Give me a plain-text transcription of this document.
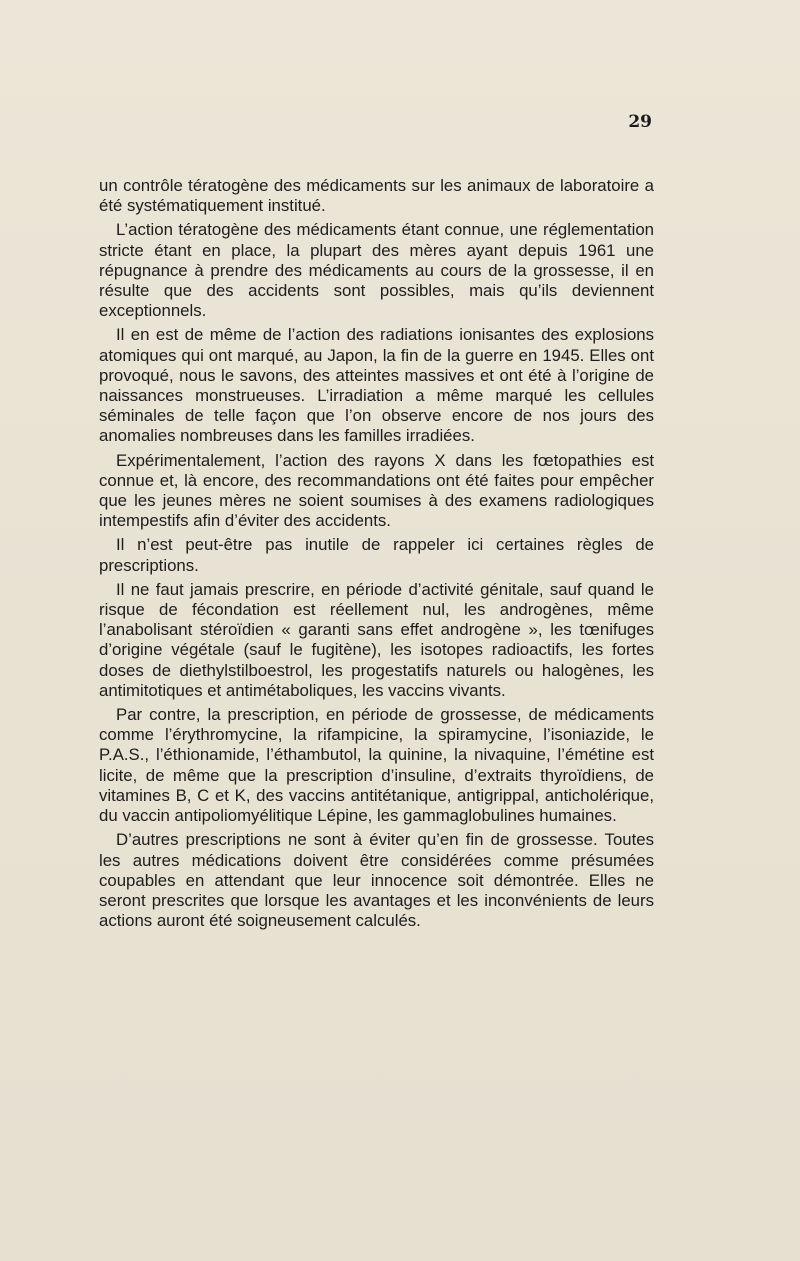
29

un contrôle tératogène des médicaments sur les animaux de laboratoire a été systématiquement institué.

L’action tératogène des médicaments étant connue, une réglementation stricte étant en place, la plupart des mères ayant depuis 1961 une répugnance à prendre des médicaments au cours de la grossesse, il en résulte que des accidents sont possibles, mais qu’ils deviennent exceptionnels.

Il en est de même de l’action des radiations ionisantes des explosions atomiques qui ont marqué, au Japon, la fin de la guerre en 1945. Elles ont provoqué, nous le savons, des atteintes massives et ont été à l’origine de naissances monstrueuses. L’irradiation a même marqué les cellules séminales de telle façon que l’on observe encore de nos jours des anomalies nombreuses dans les familles irradiées.

Expérimentalement, l’action des rayons X dans les fœtopathies est connue et, là encore, des recommandations ont été faites pour empêcher que les jeunes mères ne soient soumises à des examens radiologiques intempestifs afin d’éviter des accidents.

Il n’est peut-être pas inutile de rappeler ici certaines règles de prescriptions.

Il ne faut jamais prescrire, en période d’activité génitale, sauf quand le risque de fécondation est réellement nul, les androgènes, même l’anabolisant stéroïdien « garanti sans effet androgène », les tœnifuges d’origine végétale (sauf le fugitène), les isotopes radioactifs, les fortes doses de diethylstilboestrol, les progestatifs naturels ou halogènes, les antimitotiques et antimétaboliques, les vaccins vivants.

Par contre, la prescription, en période de grossesse, de médicaments comme l’érythromycine, la rifampicine, la spiramycine, l’isoniazide, le P.A.S., l’éthionamide, l’éthambutol, la quinine, la nivaquine, l’émétine est licite, de même que la prescription d’insuline, d’extraits thyroïdiens, de vitamines B, C et K, des vaccins antitétanique, antigrippal, anticholérique, du vaccin antipoliomyélitique Lépine, les gammaglobulines humaines.

D’autres prescriptions ne sont à éviter qu’en fin de grossesse. Toutes les autres médications doivent être considérées comme présumées coupables en attendant que leur innocence soit démontrée. Elles ne seront prescrites que lorsque les avantages et les inconvénients de leurs actions auront été soigneusement calculés.
